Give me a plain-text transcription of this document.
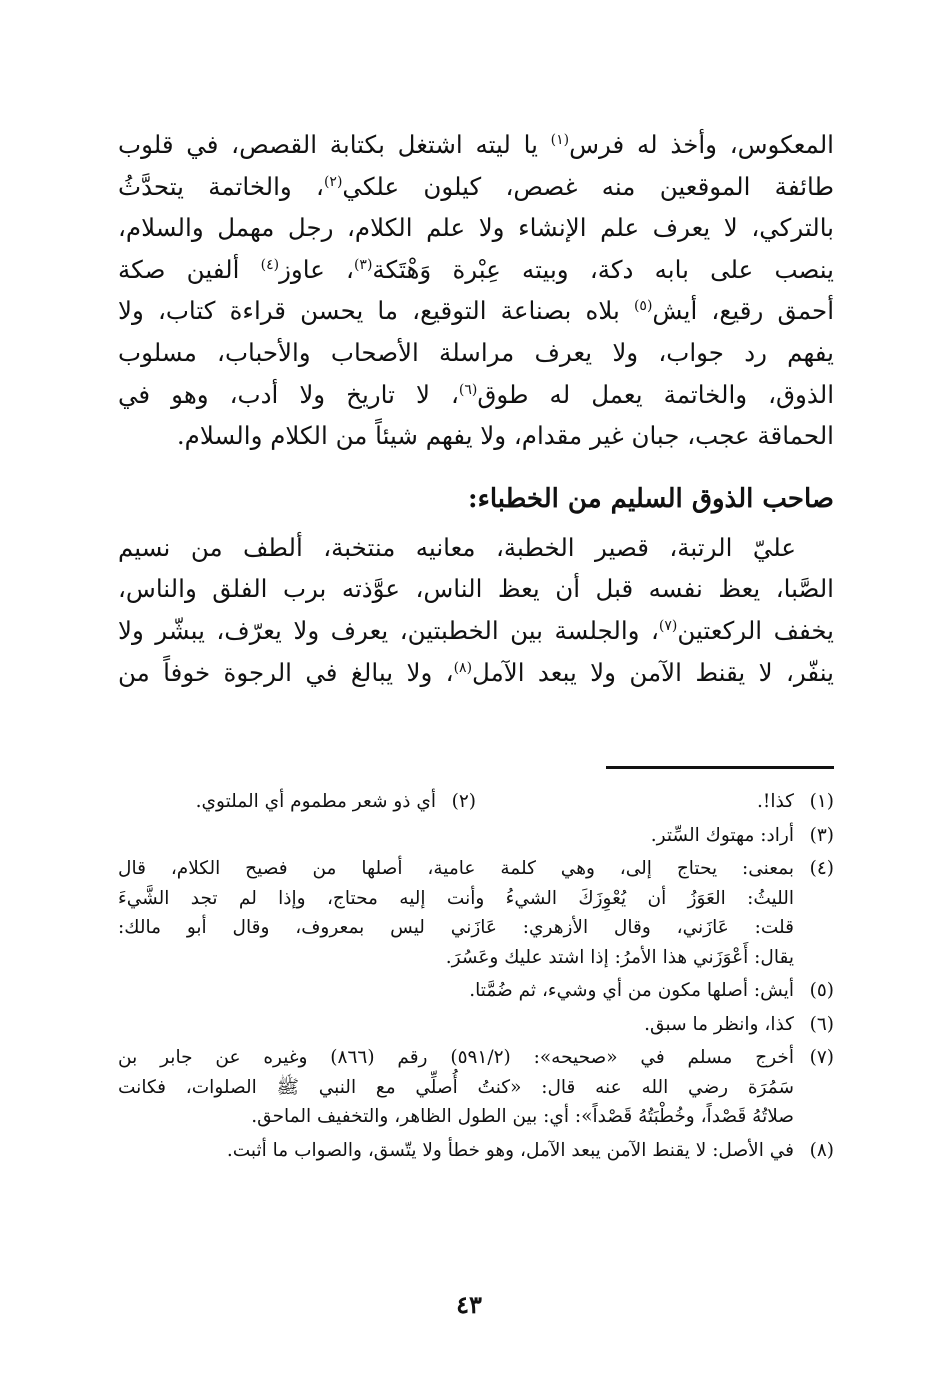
المعكوس، وأخذ له فرس$^{(١)}$ يا ليته اشتغل بكتابة القصص، في قلوب
طائفة الموقعين منه غصص، كيلون علكي$^{(٢)}$، والخاتمة يتحدَّثُ
بالتركي، لا يعرف علم الإنشاء ولا علم الكلام، رجل مهمل والسلام،
ينصب على بابه دكة، وبيته عِبْرة وَهْتَكة$^{(٣)}$، عاوز$^{(٤)}$ ألفين صكة
أحمق رقيع، أيش$^{(٥)}$ بلاه بصناعة التوقيع، ما يحسن قراءة كتاب، ولا
يفهم رد جواب، ولا يعرف مراسلة الأصحاب والأحباب، مسلوب
الذوق، والخاتمة يعمل له طوق$^{(٦)}$، لا تاريخ ولا أدب، وهو في
الحماقة عجب، جبان غير مقدام، ولا يفهم شيئاً من الكلام والسلام.
صاحب الذوق السليم من الخطباء:
عليّ الرتبة، قصير الخطبة، معانيه منتخبة، ألطف من نسيم
الصَّبا، يعظ نفسه قبل أن يعظ الناس، عوَّذته برب الفلق والناس،
يخفف الركعتين$^{(٧)}$، والجلسة بين الخطبتين، يعرف ولا يعرّف، يبشّر ولا
ينفّر، لا يقنط الآمن ولا يبعد الآمل$^{(٨)}$، ولا يبالغ في الرجوة خوفاً من
(١)
كذا!.
(٢)
أي ذو شعر مطموم أي الملتوي.
(٣)
أراد: مهتوك السِّتر.
(٤)
بمعنى: يحتاج إلى، وهي كلمة عامية، أصلها من فصيح الكلام، قال
الليثُ: العَوَزُ أن يُعْوِزَكَ الشيءُ وأنت إليه محتاج، وإذا لم تجد الشَّيءَ
قلت: عَازَني، وقال الأزهري: عَازَني ليس بمعروف، وقال أبو مالك:
يقال: أَعْوَزَني هذا الأمرُ: إذا اشتد عليك وعَسُرَ.
(٥)
أيش: أصلها مكون من أي وشيء، ثم ضُمَّتا.
(٦)
كذا، وانظر ما سبق.
(٧)
أخرج مسلم في «صحيحه»: (٥٩١/٢) رقم (٨٦٦) وغيره عن جابر بن
سَمُرَة رضي الله عنه قال: «كنتُ أُصلِّي مع النبي ﷺ الصلوات، فكانت
صلاتُهُ قَصْداً، وخُطْبَتُهُ قَصْداً»: أي: بين الطول الظاهر، والتخفيف الماحق.
(٨)
في الأصل: لا يقنط الآمن يبعد الآمل، وهو خطأ ولا يتّسق، والصواب ما أثبت.
٤٣
